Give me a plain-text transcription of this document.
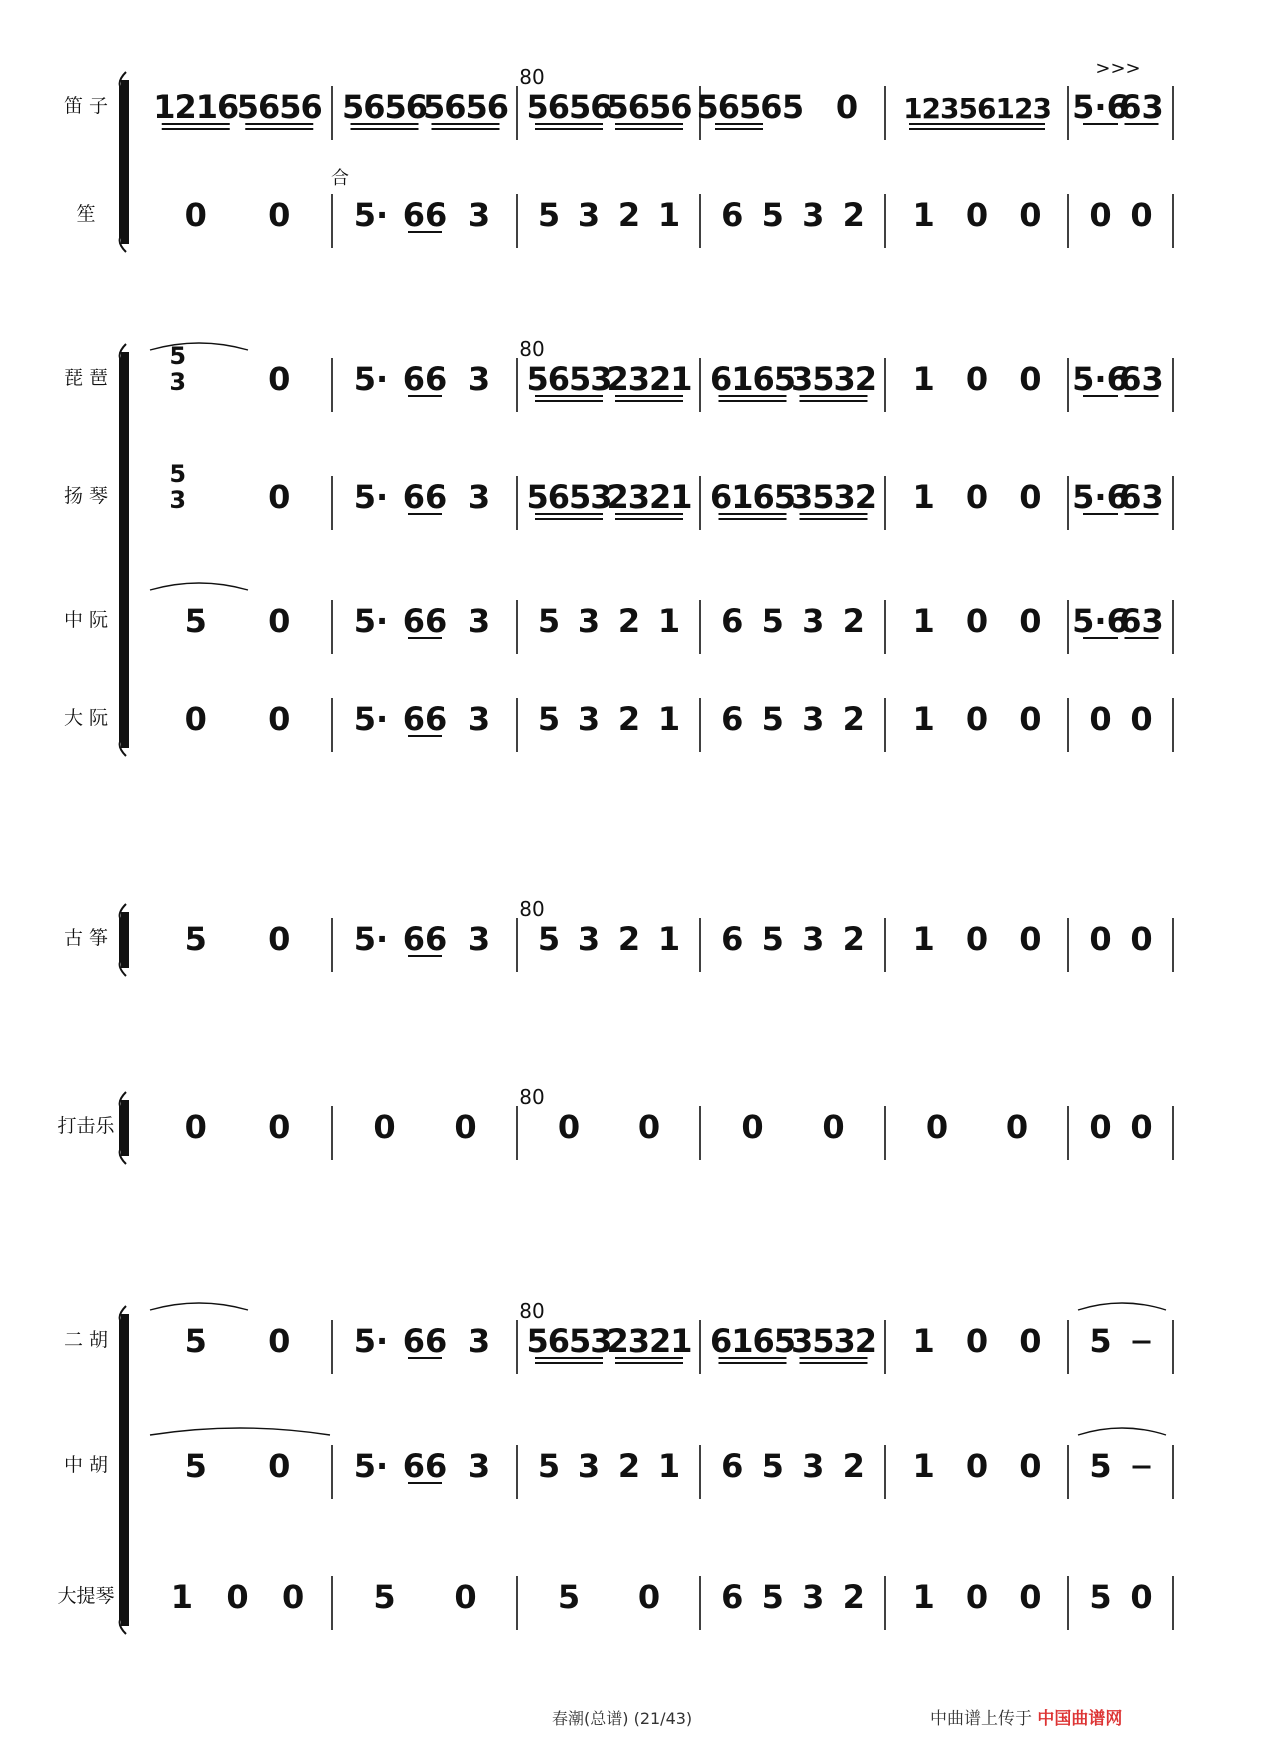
80
80
80
80
80
笛 子 1216
5656 5656
5656 5656
5656 5656 5 0 12356123 5·6
63
>>>
笙	0 0 5· 66 3 5 3 2 1 6 5 3 2 1 0 0 0 0
合
琵 琶
5
3	0 5· 66 3 5653
2321 6165
3532 1 0 0 5·6
63
扬 琴
5
3	0 5· 66 3 5653
2321 6165
3532 1 0 0 5·6
63
中 阮 5 0 5· 66 3 5 3 2 1 6 5 3 2 1 0 0 5·6
63
大 阮 0 0 5· 66 3 5 3 2 1 6 5 3 2 1 0 0 0 0
古 筝 5 0 5· 66 3 5 3 2 1 6 5 3 2 1 0 0 0 0
打击乐 0 0	0 0	0 0	0 0	0 0 0 0
二 胡 5 0 5· 66 3 5653
2321 6165
3532 1 0 0 5
中 胡 5 0 5· 66 3 5 3 2 1 6 5 3 2 1 0 0 5
大提琴 1 0 0 5 0	5 0 6 5 3 2 1 0 0 5 0
春潮(总谱) (21/43)	中曲谱上传于 中国曲谱网
